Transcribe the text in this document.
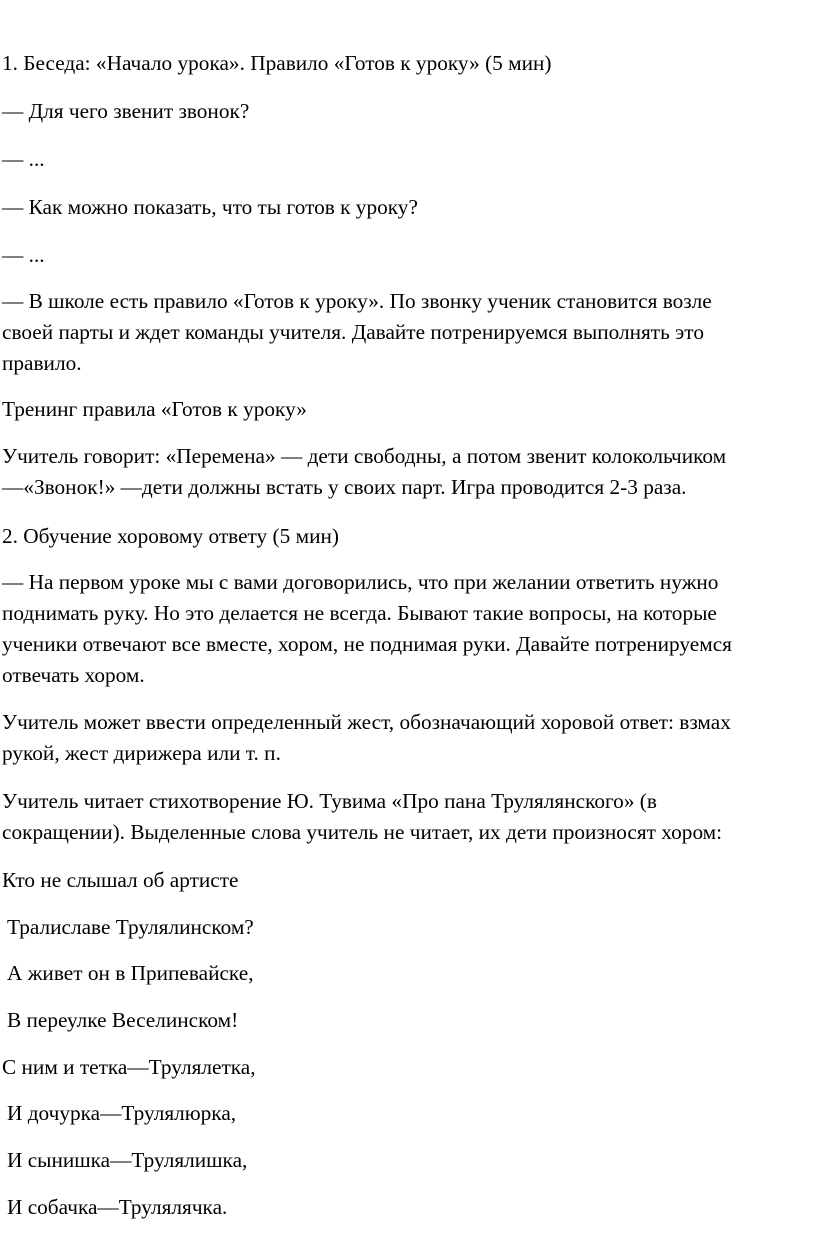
1. Беседа: «Начало урока». Правило «Готов к уроку» (5 мин)

— Для чего звенит звонок?

— ...

— Как можно показать, что ты готов к уроку?

— ...

— В школе есть правило «Готов к уроку». По звонку ученик становится возле
своей парты и ждет команды учителя. Давайте потренируемся выполнять это
правило.

Тренинг правила «Готов к уроку»

Учитель говорит: «Перемена» — дети свободны, а потом звенит колокольчиком
—«Звонок!» —дети должны встать у своих парт. Игра проводится 2-3 раза.

2. Обучение хоровому ответу (5 мин)

— На первом уроке мы с вами договорились, что при желании ответить нужно
поднимать руку. Но это делается не всегда. Бывают такие вопросы, на которые
ученики отвечают все вместе, хором, не поднимая руки. Давайте потренируемся
отвечать хором.

Учитель может ввести определенный жест, обозначающий хоровой ответ: взмах
рукой, жест дирижера или т. п.

Учитель читает стихотворение Ю. Тувима «Про пана Трулялянского» (в
сокращении). Выделенные слова учитель не читает, их дети произносят хором:

Кто не слышал об артисте

Тралиславе Трулялинском?

А живет он в Припевайске,

В переулке Веселинском!

С ним и тетка—Трулялетка,

И дочурка—Трулялюрка,

И сынишка—Трулялишка,

И собачка—Трулялячка.
